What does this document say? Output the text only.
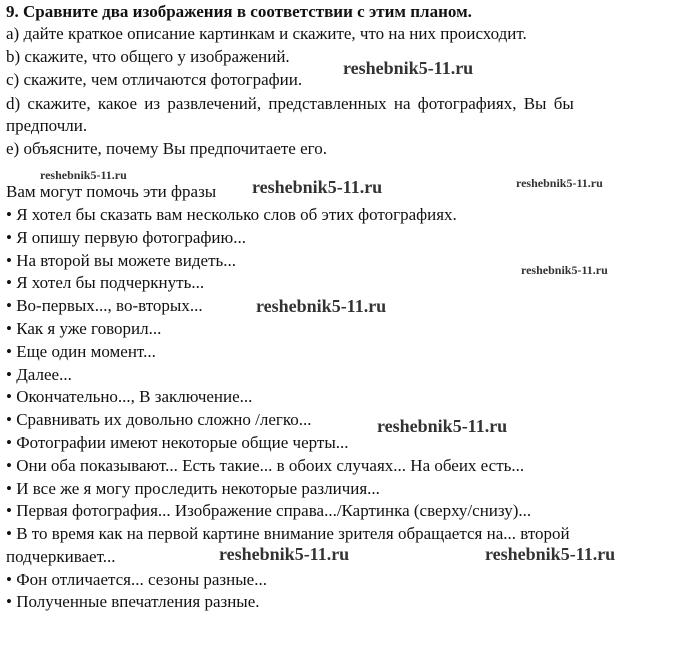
9. Сравните два изображения в соответствии с этим планом.
a) дайте краткое описание картинкам и скажите, что на них происходит.
b) скажите, что общего у изображений.
c) скажите, чем отличаются фотографии.
d) скажите, какое из развлечений, представленных на фотографиях, Вы бы
предпочли.
e) объясните, почему Вы предпочитаете его.
Вам могут помочь эти фразы
• Я хотел бы сказать вам несколько слов об этих фотографиях.
• Я опишу первую фотографию...
• На второй вы можете видеть...
• Я хотел бы подчеркнуть...
• Во-первых..., во-вторых...
• Как я уже говорил...
• Еще один момент...
• Далее...
• Окончательно..., В заключение...
• Сравнивать их довольно сложно /легко...
• Фотографии имеют некоторые общие черты...
• Они оба показывают... Есть такие... в обоих случаях... На обеих есть...
• И все же я могу проследить некоторые различия...
• Первая фотография... Изображение справа.../Картинка (сверху/снизу)...
• В то время как на первой картине внимание зрителя обращается на... второй
подчеркивает...
• Фон отличается... сезоны разные...
• Полученные впечатления разные.
reshebnik5-11.ru
reshebnik5-11.ru
reshebnik5-11.ru	reshebnik5-11.ru
reshebnik5-11.ru
reshebnik5-11.ru
reshebnik5-11.ru
reshebnik5-11.ru	reshebnik5-11.ru
